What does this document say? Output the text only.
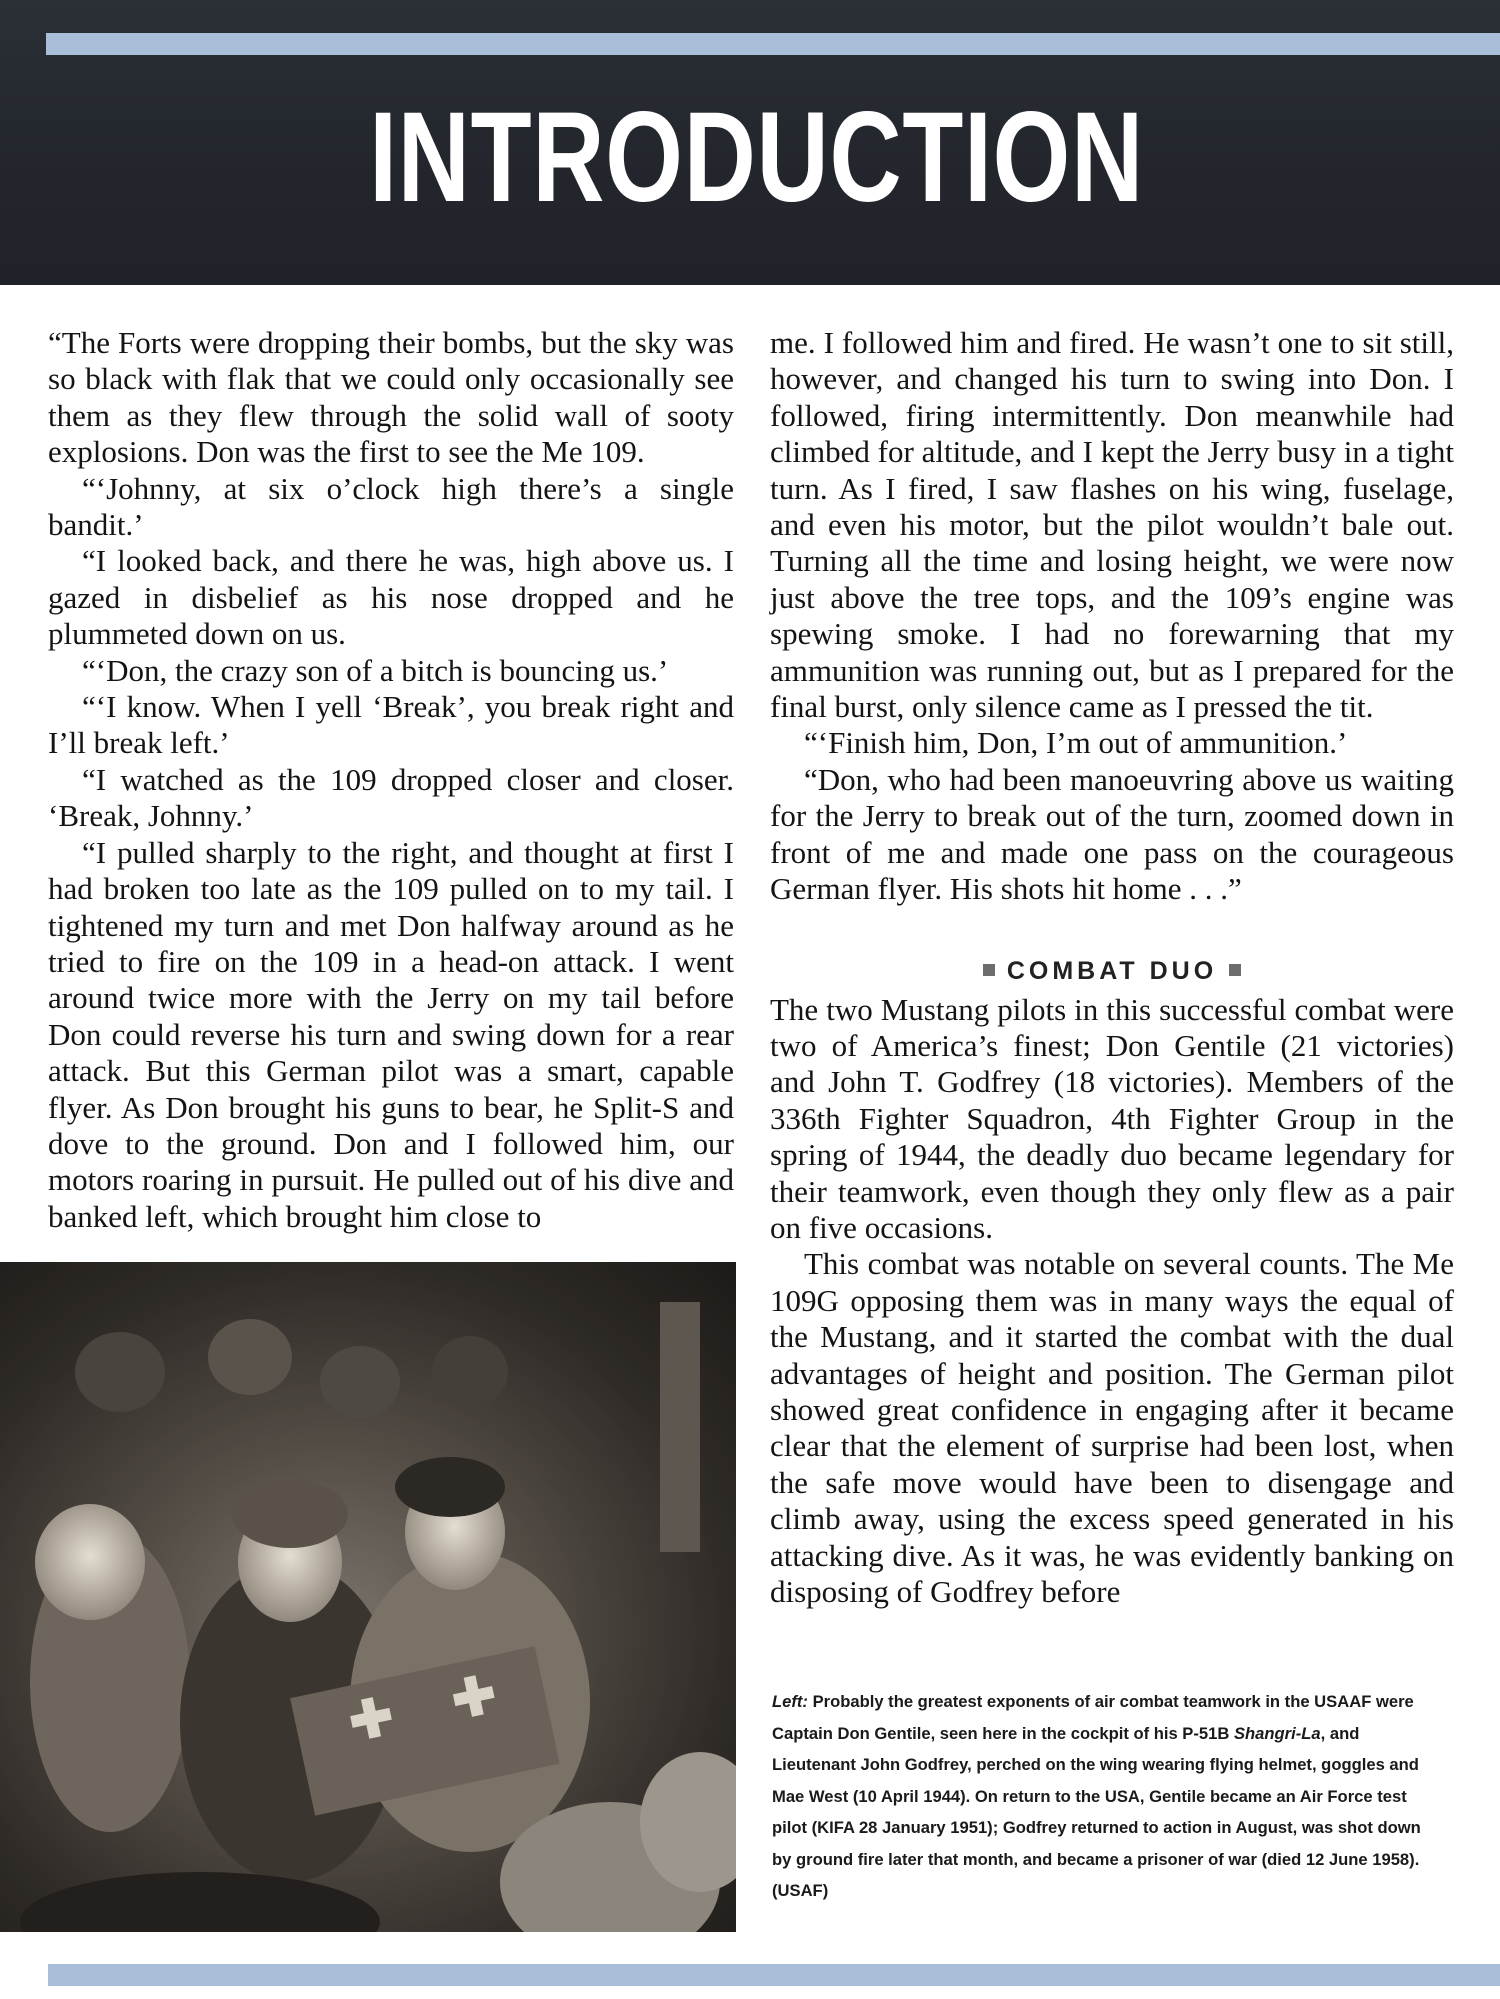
INTRODUCTION

“The Forts were dropping their bombs, but the sky was so black with flak that we could only occasionally see them as they flew through the solid wall of sooty explosions. Don was the first to see the Me 109.

“‘Johnny, at six o’clock high there’s a single bandit.’

“I looked back, and there he was, high above us. I gazed in disbelief as his nose dropped and he plummeted down on us.

“‘Don, the crazy son of a bitch is bouncing us.’

“‘I know. When I yell ‘Break’, you break right and I’ll break left.’

“I watched as the 109 dropped closer and closer. ‘Break, Johnny.’

“I pulled sharply to the right, and thought at first I had broken too late as the 109 pulled on to my tail. I tightened my turn and met Don halfway around as he tried to fire on the 109 in a head-on attack. I went around twice more with the Jerry on my tail before Don could reverse his turn and swing down for a rear attack. But this German pilot was a smart, capable flyer. As Don brought his guns to bear, he Split-S and dove to the ground. Don and I followed him, our motors roaring in pursuit. He pulled out of his dive and banked left, which brought him close to

me. I followed him and fired. He wasn’t one to sit still, however, and changed his turn to swing into Don. I followed, firing intermittently. Don meanwhile had climbed for altitude, and I kept the Jerry busy in a tight turn. As I fired, I saw flashes on his wing, fuselage, and even his motor, but the pilot wouldn’t bale out. Turning all the time and losing height, we were now just above the tree tops, and the 109’s engine was spewing smoke. I had no forewarning that my ammunition was running out, but as I prepared for the final burst, only silence came as I pressed the tit.

“‘Finish him, Don, I’m out of ammunition.’

“Don, who had been manoeuvring above us waiting for the Jerry to break out of the turn, zoomed down in front of me and made one pass on the courageous German flyer. His shots hit home . . .”

COMBAT DUO

The two Mustang pilots in this successful combat were two of America’s finest; Don Gentile (21 victories) and John T. Godfrey (18 victories). Members of the 336th Fighter Squadron, 4th Fighter Group in the spring of 1944, the deadly duo became legendary for their teamwork, even though they only flew as a pair on five occasions.

This combat was notable on several counts. The Me 109G opposing them was in many ways the equal of the Mustang, and it started the combat with the dual advantages of height and position. The German pilot showed great confidence in engaging after it became clear that the element of surprise had been lost, when the safe move would have been to disengage and climb away, using the excess speed generated in his attacking dive. As it was, he was evidently banking on disposing of Godfrey before

Left: Probably the greatest exponents of air combat teamwork in the USAAF were Captain Don Gentile, seen here in the cockpit of his P-51B Shangri-La, and Lieutenant John Godfrey, perched on the wing wearing flying helmet, goggles and Mae West (10 April 1944). On return to the USA, Gentile became an Air Force test pilot (KIFA 28 January 1951); Godfrey returned to action in August, was shot down by ground fire later that month, and became a prisoner of war (died 12 June 1958). (USAF)
